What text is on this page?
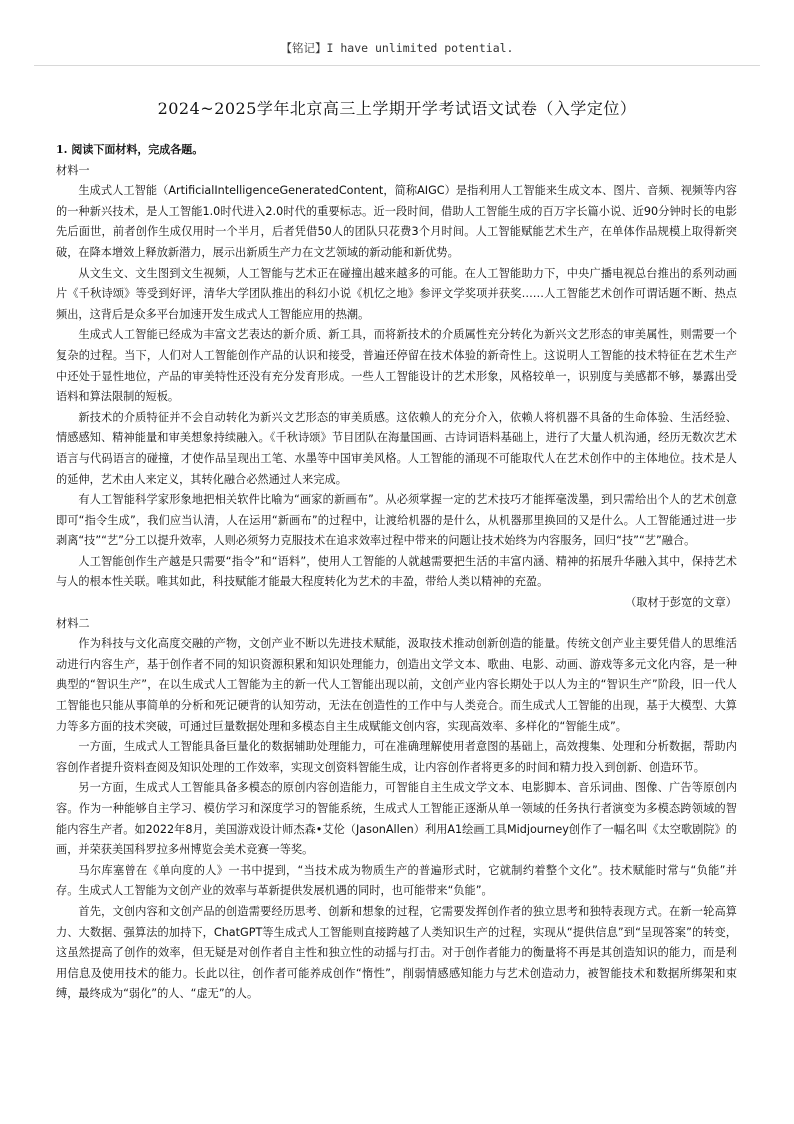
【铭记】I have unlimited potential.
2024~2025学年北京高三上学期开学考试语文试卷（入学定位）

1. 阅读下面材料，完成各题。

材料一

生成式人工智能（ArtificialIntelligenceGeneratedContent，简称AIGC）是指利用人工智能来生成文本、图片、音频、视频等内容的一种新兴技术，是人工智能1.0时代进入2.0时代的重要标志。近一段时间，借助人工智能生成的百万字长篇小说、近90分钟时长的电影先后面世，前者创作生成仅用时一个半月，后者凭借50人的团队只花费3个月时间。人工智能赋能艺术生产，在单体作品规模上取得新突破，在降本增效上释放新潜力，展示出新质生产力在文艺领域的新动能和新优势。

从文生文、文生图到文生视频，人工智能与艺术正在碰撞出越来越多的可能。在人工智能助力下，中央广播电视总台推出的系列动画片《千秋诗颂》等受到好评，清华大学团队推出的科幻小说《机忆之地》参评文学奖项并获奖……人工智能艺术创作可谓话题不断、热点频出，这背后是众多平台加速开发生成式人工智能应用的热潮。

生成式人工智能已经成为丰富文艺表达的新介质、新工具，而将新技术的介质属性充分转化为新兴文艺形态的审美属性，则需要一个复杂的过程。当下，人们对人工智能创作产品的认识和接受，普遍还停留在技术体验的新奇性上。这说明人工智能的技术特征在艺术生产中还处于显性地位，产品的审美特性还没有充分发育形成。一些人工智能设计的艺术形象，风格较单一，识别度与美感都不够，暴露出受语料和算法限制的短板。

新技术的介质特征并不会自动转化为新兴文艺形态的审美质感。这依赖人的充分介入，依赖人将机器不具备的生命体验、生活经验、情感感知、精神能量和审美想象持续融入。《千秋诗颂》节目团队在海量国画、古诗词语料基础上，进行了大量人机沟通，经历无数次艺术语言与代码语言的碰撞，才使作品呈现出工笔、水墨等中国审美风格。人工智能的涌现不可能取代人在艺术创作中的主体地位。技术是人的延伸，艺术由人来定义，其转化融合必然通过人来完成。

有人工智能科学家形象地把相关软件比喻为“画家的新画布”。从必须掌握一定的艺术技巧才能挥毫泼墨，到只需给出个人的艺术创意即可“指令生成”，我们应当认清，人在运用“新画布”的过程中，让渡给机器的是什么，从机器那里换回的又是什么。人工智能通过进一步剥离“技”“艺”分工以提升效率，人则必须努力克服技术在追求效率过程中带来的问题让技术始终为内容服务，回归“技”“艺”融合。

人工智能创作生产越是只需要“指令”和“语料”，使用人工智能的人就越需要把生活的丰富内涵、精神的拓展升华融入其中，保持艺术与人的根本性关联。唯其如此，科技赋能才能最大程度转化为艺术的丰盈，带给人类以精神的充盈。

（取材于彭宽的文章）

材料二

作为科技与文化高度交融的产物，文创产业不断以先进技术赋能，汲取技术推动创新创造的能量。传统文创产业主要凭借人的思维活动进行内容生产，基于创作者不同的知识资源积累和知识处理能力，创造出文学文本、歌曲、电影、动画、游戏等多元文化内容，是一种典型的“智识生产”，在以生成式人工智能为主的新一代人工智能出现以前，文创产业内容长期处于以人为主的“智识生产”阶段，旧一代人工智能也只能从事简单的分析和死记硬背的认知劳动，无法在创造性的工作中与人类竞合。而生成式人工智能的出现，基于大模型、大算力等多方面的技术突破，可通过巨量数据处理和多模态自主生成赋能文创内容，实现高效率、多样化的“智能生成”。

一方面，生成式人工智能具备巨量化的数据辅助处理能力，可在准确理解使用者意图的基础上，高效搜集、处理和分析数据，帮助内容创作者提升资料查阅及知识处理的工作效率，实现文创资料智能生成，让内容创作者将更多的时间和精力投入到创新、创造环节。

另一方面，生成式人工智能具备多模态的原创内容创造能力，可智能自主生成文学文本、电影脚本、音乐词曲、图像、广告等原创内容。作为一种能够自主学习、模仿学习和深度学习的智能系统，生成式人工智能正逐渐从单一领域的任务执行者演变为多模态跨领域的智能内容生产者。如2022年8月，美国游戏设计师杰森•艾伦（JasonAllen）利用A1绘画工具Midjourney创作了一幅名叫《太空歌剧院》的画，并荣获美国科罗拉多州博览会美术竞赛一等奖。

马尔库塞曾在《单向度的人》一书中提到，“当技术成为物质生产的普遍形式时，它就制约着整个文化”。技术赋能时常与“负能”并存。生成式人工智能为文创产业的效率与革新提供发展机遇的同时，也可能带来“负能”。

首先，文创内容和文创产品的创造需要经历思考、创新和想象的过程，它需要发挥创作者的独立思考和独特表现方式。在新一轮高算力、大数据、强算法的加持下，ChatGPT等生成式人工智能则直接跨越了人类知识生产的过程，实现从“提供信息”到“呈现答案”的转变，这虽然提高了创作的效率，但无疑是对创作者自主性和独立性的动摇与打击。对于创作者能力的衡量将不再是其创造知识的能力，而是利用信息及使用技术的能力。长此以往，创作者可能养成创作“惰性”，削弱情感感知能力与艺术创造动力，被智能技术和数据所绑架和束缚，最终成为“弱化”的人、“虚无”的人。
